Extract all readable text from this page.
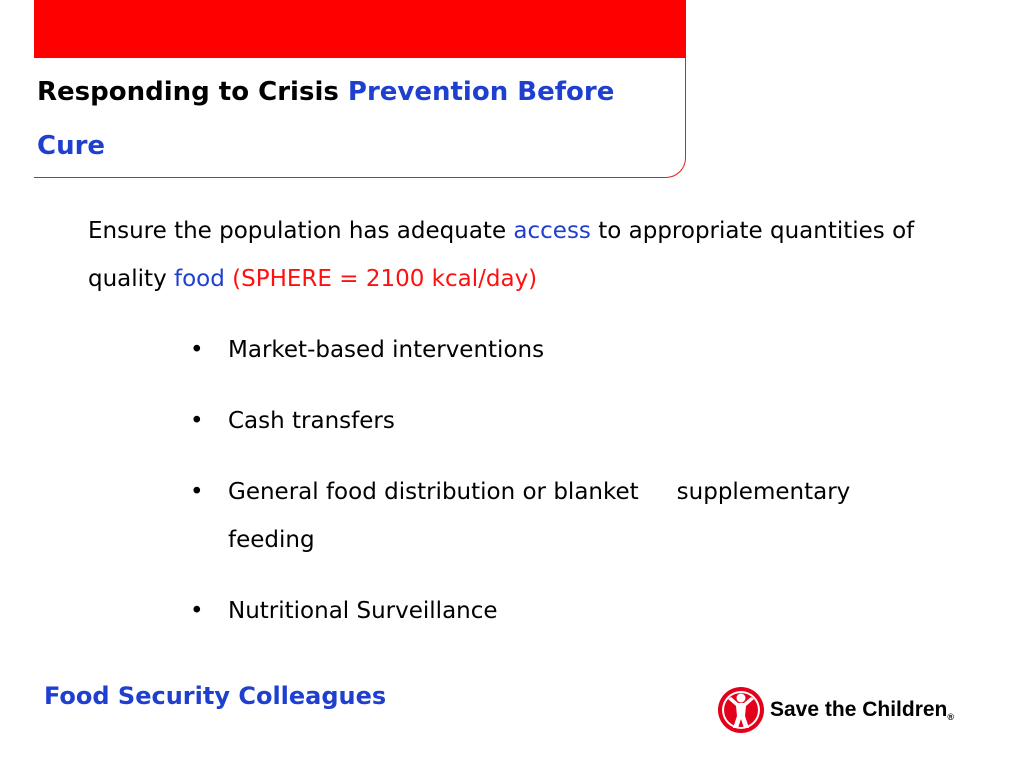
Responding to Crisis Prevention Before
Cure

Ensure the population has adequate access to appropriate quantities of quality food (SPHERE = 2100 kcal/day)

• Market-based interventions
• Cash transfers
• General food distribution or blanket supplementary
feeding
• Nutritional Surveillance

Food Security Colleagues	Save the Children®
